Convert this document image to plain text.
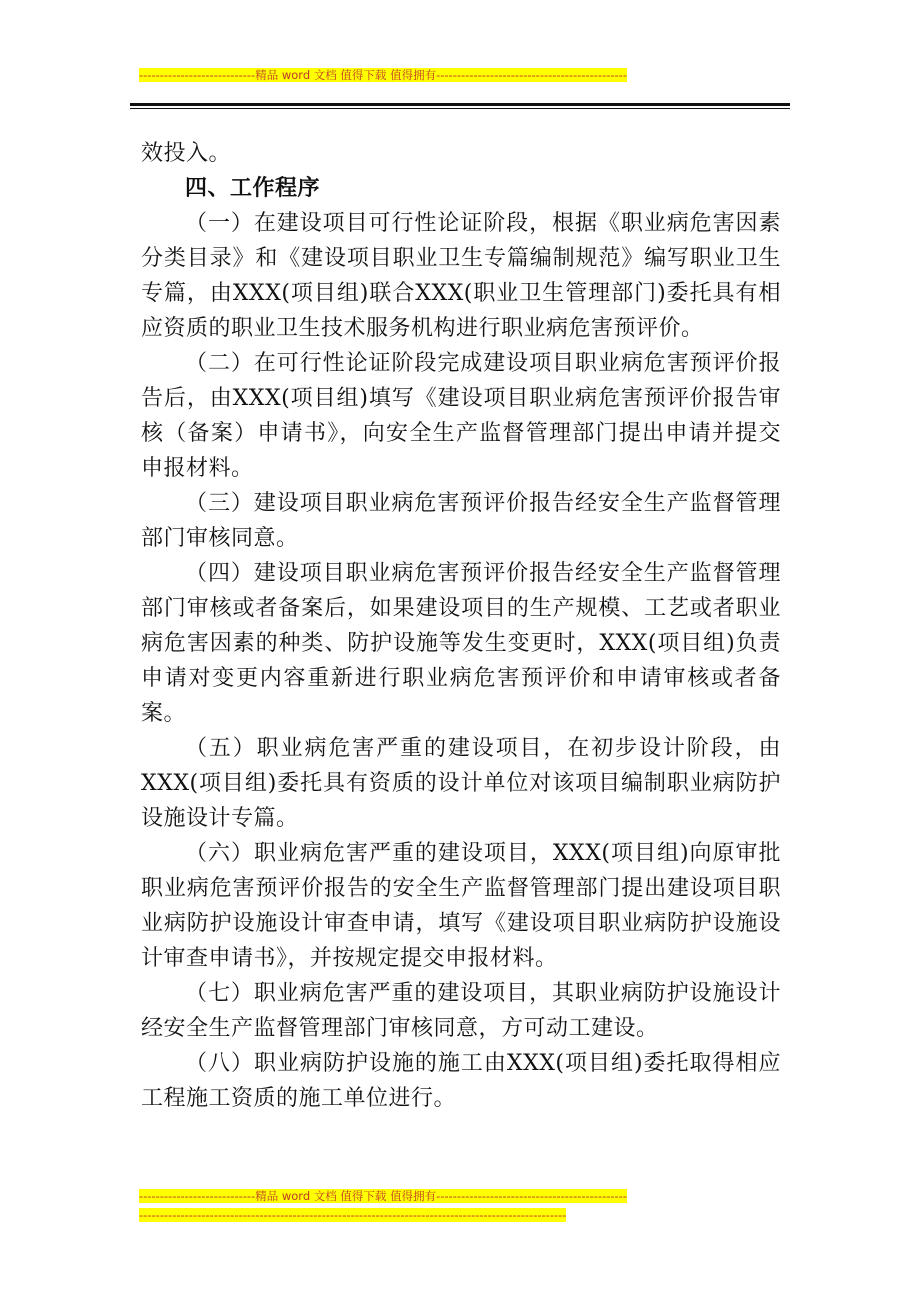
----------------------------精品 word 文档 值得下载 值得拥有----------------------------------------------

效投入。

四、工作程序

（一）在建设项目可行性论证阶段，根据《职业病危害因素分类目录》和《建设项目职业卫生专篇编制规范》编写职业卫生专篇，由XXX(项目组)联合XXX(职业卫生管理部门)委托具有相应资质的职业卫生技术服务机构进行职业病危害预评价。

（二）在可行性论证阶段完成建设项目职业病危害预评价报告后，由XXX(项目组)填写《建设项目职业病危害预评价报告审核（备案）申请书》，向安全生产监督管理部门提出申请并提交申报材料。

（三）建设项目职业病危害预评价报告经安全生产监督管理部门审核同意。

（四）建设项目职业病危害预评价报告经安全生产监督管理部门审核或者备案后，如果建设项目的生产规模、工艺或者职业病危害因素的种类、防护设施等发生变更时，XXX(项目组)负责申请对变更内容重新进行职业病危害预评价和申请审核或者备案。

（五）职业病危害严重的建设项目，在初步设计阶段，由XXX(项目组)委托具有资质的设计单位对该项目编制职业病防护设施设计专篇。

（六）职业病危害严重的建设项目，XXX(项目组)向原审批职业病危害预评价报告的安全生产监督管理部门提出建设项目职业病防护设施设计审查申请，填写《建设项目职业病防护设施设计审查申请书》，并按规定提交申报材料。

（七）职业病危害严重的建设项目，其职业病防护设施设计经安全生产监督管理部门审核同意，方可动工建设。

（八）职业病防护设施的施工由XXX(项目组)委托取得相应工程施工资质的施工单位进行。

----------------------------精品 word 文档 值得下载 值得拥有----------------------------------------------
-------------------------------------------------------------------------------------------------------
